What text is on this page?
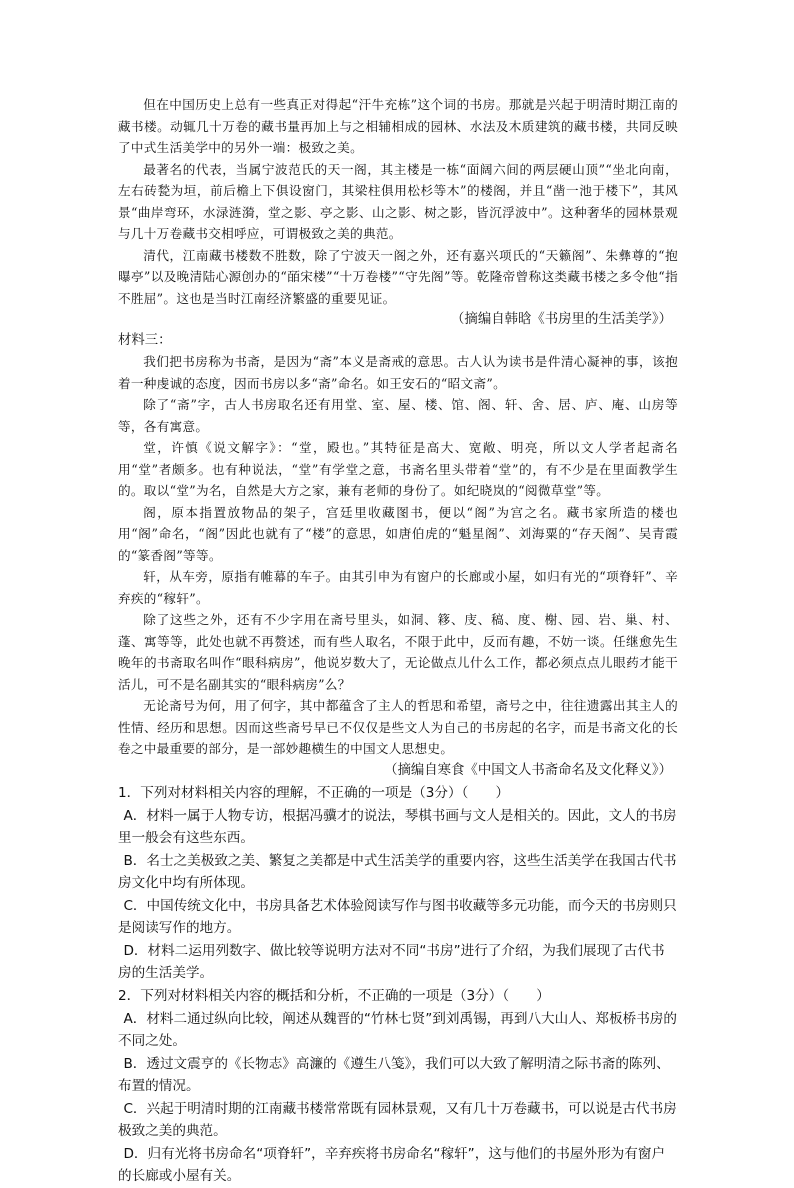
但在中国历史上总有一些真正对得起“汗牛充栋”这个词的书房。那就是兴起于明清时期江南的藏书楼。动辄几十万卷的藏书量再加上与之相辅相成的园林、水法及木质建筑的藏书楼，共同反映了中式生活美学中的另外一端：极致之美。

最著名的代表，当属宁波范氏的天一阁，其主楼是一栋“面阔六间的两层硬山顶”“坐北向南，左右砖甃为垣，前后檐上下俱设窗门，其梁柱俱用松杉等木”的楼阁，并且“凿一池于楼下”，其风景“曲岸弯环，水渌涟漪，堂之影、亭之影、山之影、树之影，皆沉浮波中”。这种奢华的园林景观与几十万卷藏书交相呼应，可谓极致之美的典范。

清代，江南藏书楼数不胜数，除了宁波天一阁之外，还有嘉兴项氏的“天籁阁”、朱彝尊的“抱曝亭”以及晚清陆心源创办的“皕宋楼”“十万卷楼”“守先阁”等。乾隆帝曾称这类藏书楼之多令他“指不胜屈”。这也是当时江南经济繁盛的重要见证。

（摘编自韩晗《书房里的生活美学》）

材料三：

我们把书房称为书斋，是因为“斋”本义是斋戒的意思。古人认为读书是件清心凝神的事，该抱着一种虔诚的态度，因而书房以多“斋”命名。如王安石的“昭文斋”。

除了“斋”字，古人书房取名还有用堂、室、屋、楼、馆、阁、轩、舍、居、庐、庵、山房等等，各有寓意。

堂，许慎《说文解字》：“堂，殿也。”其特征是高大、宽敞、明亮，所以文人学者起斋名用“堂”者颇多。也有种说法，“堂”有学堂之意，书斋名里头带着“堂”的，有不少是在里面教学生的。取以“堂”为名，自然是大方之家，兼有老师的身份了。如纪晓岚的“阅微草堂”等。

阁，原本指置放物品的架子，宫廷里收藏图书，便以“阁”为宫之名。藏书家所造的楼也用“阁”命名，“阁”因此也就有了“楼”的意思，如唐伯虎的“魁星阁”、刘海粟的“存天阁”、吴青霞的“篆香阁”等等。

轩，从车旁，原指有帷幕的车子。由其引申为有窗户的长廊或小屋，如归有光的“项脊轩”、辛弃疾的“稼轩”。

除了这些之外，还有不少字用在斋号里头，如洞、簃、庋、稿、度、榭、园、岩、巢、村、蓬、寓等等，此处也就不再赘述，而有些人取名，不限于此中，反而有趣，不妨一谈。任继愈先生晚年的书斋取名叫作“眼科病房”，他说岁数大了，无论做点儿什么工作，都必须点点儿眼药才能干活儿，可不是名副其实的“眼科病房”么？

无论斋号为何，用了何字，其中都蕴含了主人的哲思和希望，斋号之中，往往遗露出其主人的性情、经历和思想。因而这些斋号早已不仅仅是些文人为自己的书房起的名字，而是书斋文化的长卷之中最重要的部分，是一部妙趣横生的中国文人思想史。

（摘编自寒食《中国文人书斋命名及文化释义》）

1．下列对材料相关内容的理解，不正确的一项是（3分）（　　）

A．材料一属于人物专访，根据冯骥才的说法，琴棋书画与文人是相关的。因此，文人的书房里一般会有这些东西。

B．名士之美极致之美、繁复之美都是中式生活美学的重要内容，这些生活美学在我国古代书房文化中均有所体现。

C．中国传统文化中，书房具备艺术体验阅读写作与图书收藏等多元功能，而今天的书房则只是阅读写作的地方。

D．材料二运用列数字、做比较等说明方法对不同“书房”进行了介绍，为我们展现了古代书房的生活美学。

2．下列对材料相关内容的概括和分析，不正确的一项是（3分）（　　）

A．材料二通过纵向比较，阐述从魏晋的“竹林七贤”到刘禹锡，再到八大山人、郑板桥书房的不同之处。

B．透过文震亨的《长物志》高濂的《遵生八笺》，我们可以大致了解明清之际书斋的陈列、布置的情况。

C．兴起于明清时期的江南藏书楼常常既有园林景观，又有几十万卷藏书，可以说是古代书房极致之美的典范。

D．归有光将书房命名“项脊轩”，辛弃疾将书房命名“稼轩”，这与他们的书屋外形为有窗户的长廊或小屋有关。
